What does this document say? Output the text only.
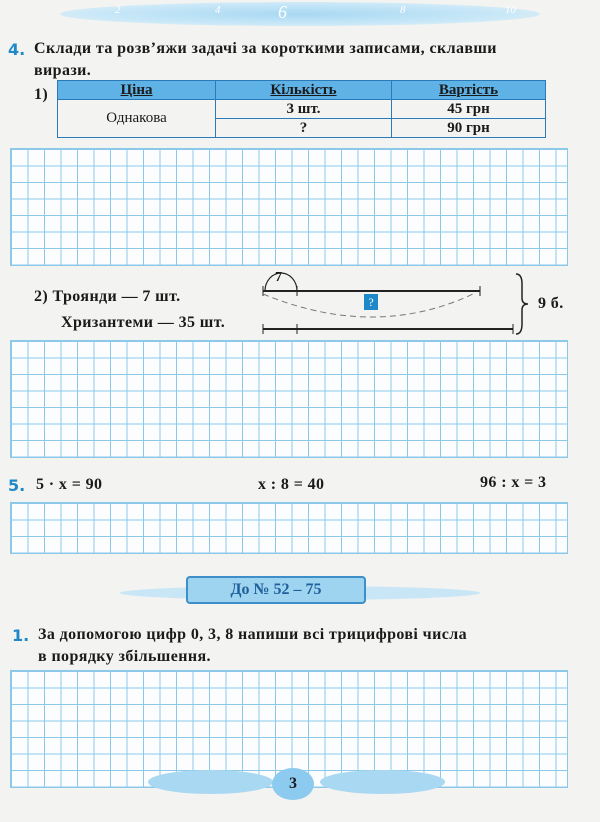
2	4	6	8	10
4. Склади та розв’яжи задачі за короткими записами, склавши
вирази.
1)	Ціна	Кількість	Вартість
Однакова	3 шт.	45 грн
	?	90 грн
2) Троянди — 7 шт.
Хризантеми — 35 шт.
7
?	9 б.
5. 5 · x = 90	x : 8 = 40	96 : x = 3
До № 52 – 75
1. За допомогою цифр 0, 3, 8 напиши всі трицифрові числа
в порядку збільшення.
3
